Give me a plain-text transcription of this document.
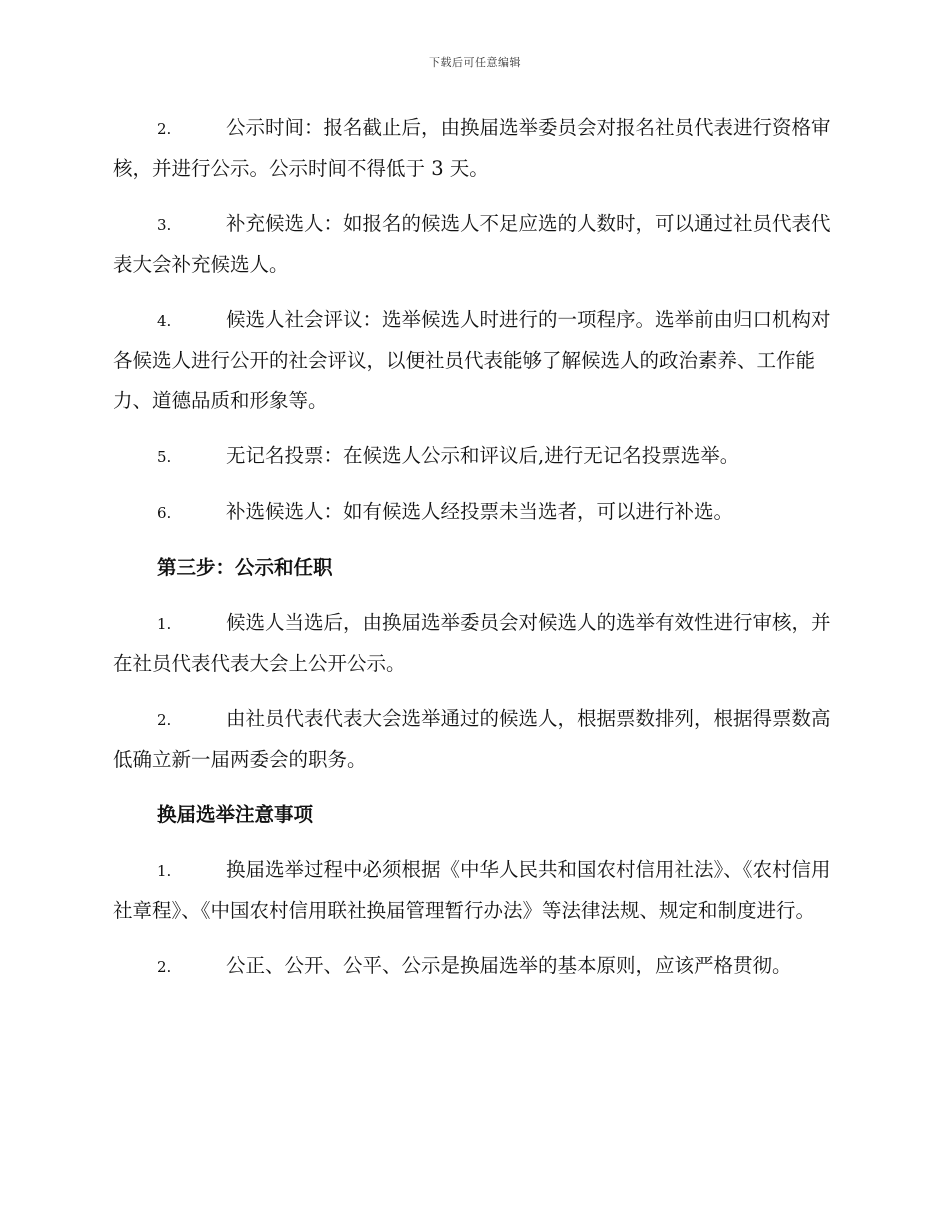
下载后可任意编辑

2.	公示时间：报名截止后，由换届选举委员会对报名社员代表进行资格审核，并进行公示。公示时间不得低于 3 天。

3.	补充候选人：如报名的候选人不足应选的人数时，可以通过社员代表代表大会补充候选人。

4.	候选人社会评议：选举候选人时进行的一项程序。选举前由归口机构对各候选人进行公开的社会评议，以便社员代表能够了解候选人的政治素养、工作能力、道德品质和形象等。

5.	无记名投票：在候选人公示和评议后,进行无记名投票选举。

6.	补选候选人：如有候选人经投票未当选者，可以进行补选。

第三步：公示和任职

1.	候选人当选后，由换届选举委员会对候选人的选举有效性进行审核，并在社员代表代表大会上公开公示。

2.	由社员代表代表大会选举通过的候选人，根据票数排列，根据得票数高低确立新一届两委会的职务。

换届选举注意事项

1.	换届选举过程中必须根据《中华人民共和国农村信用社法》、《农村信用社章程》、《中国农村信用联社换届管理暂行办法》等法律法规、规定和制度进行。

2.	公正、公开、公平、公示是换届选举的基本原则，应该严格贯彻。
